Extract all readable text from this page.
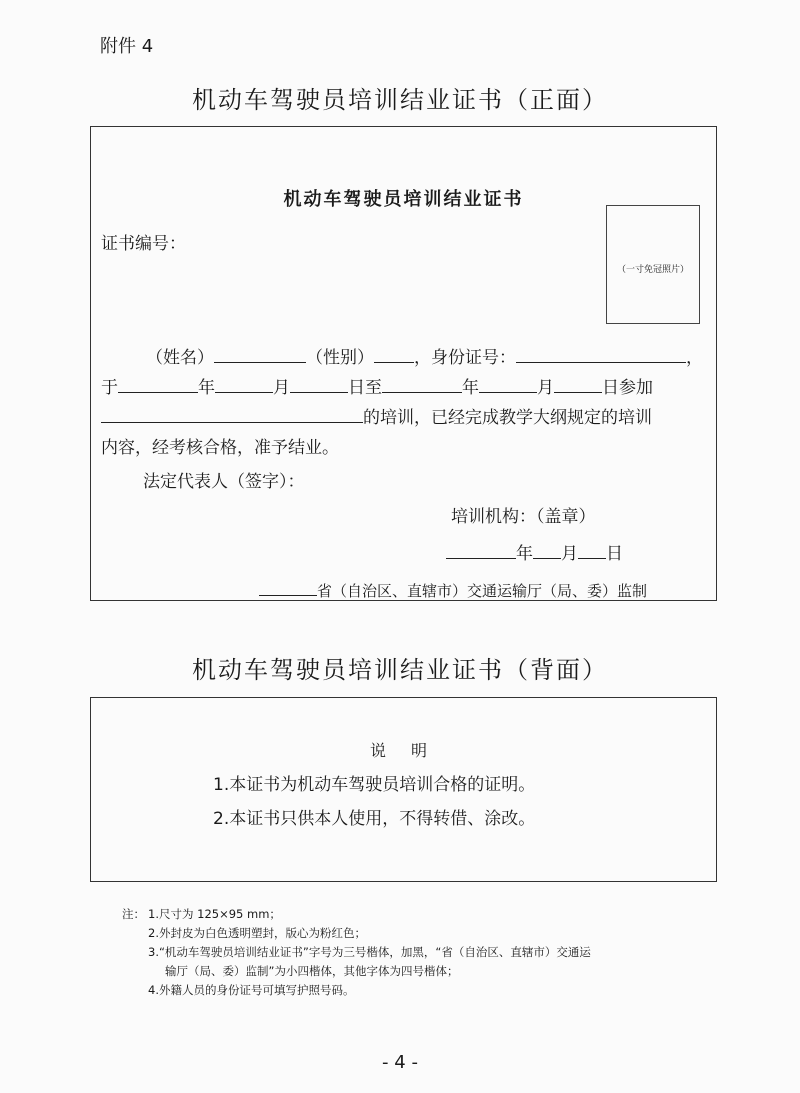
附件 4
机动车驾驶员培训结业证书（正面）
机动车驾驶员培训结业证书
证书编号：
（一寸免冠照片）
（姓名）	（性别） ，身份证号：	，
于	年	月	日至	年	月	日参加
的培训，已经完成教学大纲规定的培训
内容，经考核合格，准予结业。
法定代表人（签字）：
培训机构：（盖章）
年 月 日
省（自治区、直辖市）交通运输厅（局、委）监制
机动车驾驶员培训结业证书（背面）
说 明
1.本证书为机动车驾驶员培训合格的证明。
2.本证书只供本人使用，不得转借、涂改。
注： 1.尺寸为 125×95 mm；
2.外封皮为白色透明塑封，版心为粉红色；
3.“机动车驾驶员培训结业证书”字号为三号楷体，加黑，“省（自治区、直辖市）交通运
输厅（局、委）监制”为小四楷体，其他字体为四号楷体；
4.外籍人员的身份证号可填写护照号码。
- 4 -
